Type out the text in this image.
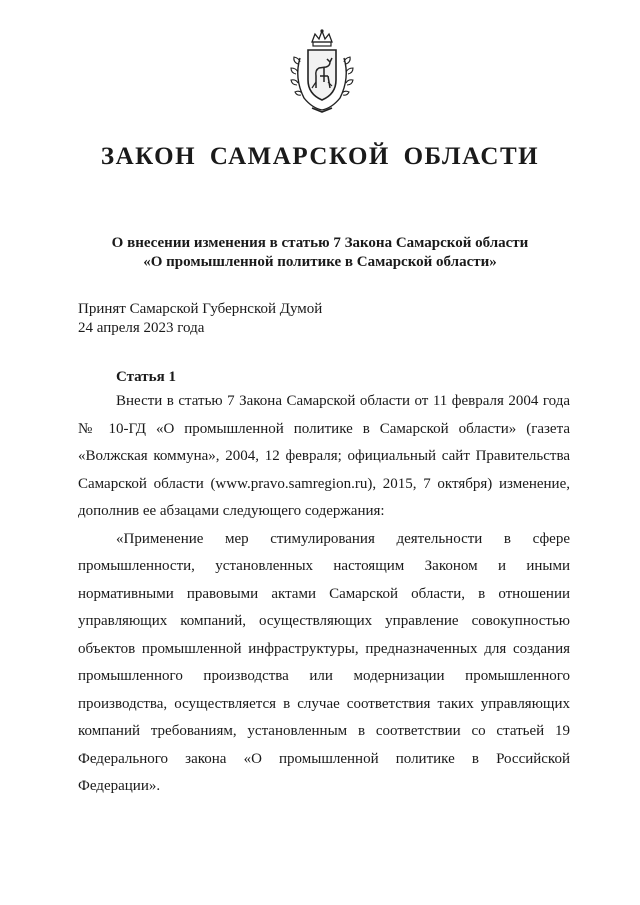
ЗАКОН САМАРСКОЙ ОБЛАСТИ
О внесении изменения в статью 7 Закона Самарской области
«О промышленной политике в Самарской области»
Принят Самарской Губернской Думой
24 апреля 2023 года
Статья 1

Внести в статью 7 Закона Самарской области от 11 февраля 2004 года № 10-ГД «О промышленной политике в Самарской области» (газета «Волжская коммуна», 2004, 12 февраля; официальный сайт Правительства Самарской области (www.pravo.samregion.ru), 2015, 7 октября) изменение, дополнив ее абзацами следующего содержания:

«Применение мер стимулирования деятельности в сфере промышленности, установленных настоящим Законом и иными нормативными правовыми актами Самарской области, в отношении управляющих компаний, осуществляющих управление совокупностью объектов промышленной инфраструктуры, предназначенных для создания промышленного производства или модернизации промышленного производства, осуществляется в случае соответствия таких управляющих компаний требованиям, установленным в соответствии со статьей 19 Федерального закона «О промышленной политике в Российской Федерации».
